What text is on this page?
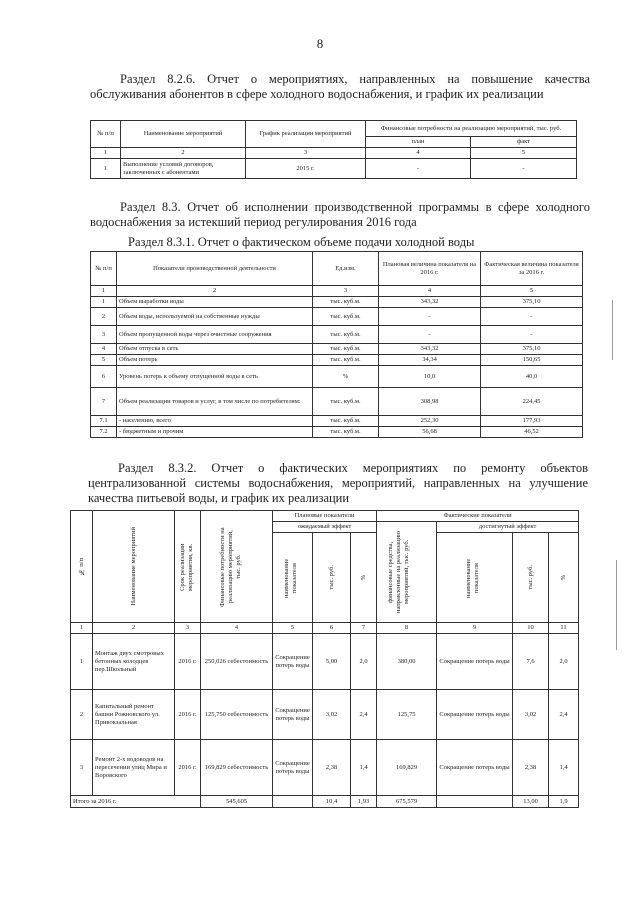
8

Раздел 8.2.6. Отчет о мероприятиях, направленных на повышение качества обслуживания абонентов в сфере холодного водоснабжения, и график их реализации

№ п/п	Наименование мероприятий	График реализации мероприятий	Финансовые потребности на реализацию мероприятий, тыс. руб.	
			план	факт
1	2	3	4	5
1	Выполнение условий договоров, заключенных с абонентами	2015 г.	-	-

Раздел 8.3. Отчет об исполнении производственной программы в сфере холодного водоснабжения за истекший период регулирования 2016 года

Раздел 8.3.1. Отчет о фактическом объеме подачи холодной воды

№ п/п	Показатели производственной деятельности	Ед.изм.	Плановая величина показателя на 2016 г.	Фактическая величина показателя за 2016 г.
1	2	3	4	5
1	Объем выработки воды	тыс. куб.м.	343,32	375,10
2	Объем воды, используемой на собственные нужды	тыс. куб.м.	-	-
3	Объем пропущенной воды через очистные сооружения	тыс. куб.м.	-	-
4	Объем отпуска в сеть	тыс. куб.м.	343,32	375,10
5	Объем потерь	тыс. куб.м.	34,34	150,65
6	Уровень потерь к объему отпущенной воды в сеть	%	10,0	40,0
7	Объем реализации товаров и услуг, в том числе по потребителям:	тыс. куб.м.	308,98	224,45
7.1	- населению, всего	тыс. куб.м.	252,30	177,93
7.2	- бюджетным и прочим	тыс. куб.м.	56,68	46,52

Раздел 8.3.2. Отчет о фактических мероприятиях по ремонту объектов централизованной системы водоснабжения, мероприятий, направленных на улучшение качества питьевой воды, и график их реализации

№ п/п	Наименование мероприятий	Срок реализации мероприятия, кв.	Финансовые потребности на реализацию мероприятий, тыс. руб.	Плановые показатели			Фактические показатели			
				ожидаемый эффект			финансовые средства, направленные на реализацию мероприятий, тыс. руб.	достигнутый эффект		

				наименование показателя	тыс. руб.	%		наименование показателя	тыс. руб.	%

1	2	3	4	5	6	7	8	9	10	11
1	Монтаж двух смотровых бетонных колодцев пер.Школьный	2016 г.	250,026 себестоимость	Сокращение потерь воды	5,00	2,0	380,00	Сокращение потерь воды	7,6	2,0
2	Капитальный ремонт башни Рожновского ул. Привокзальная	2016 г.	125,750 себестоимость	Сокращение потерь воды	3,02	2,4	125,75	Сокращение потерь воды	3,02	2,4
3	Ремонт 2-х водоводов на пересечении улиц Мира и Воровского	2016 г.	169,829 себестоимость	Сокращение потерь воды	2,38	1,4	169,829	Сокращение потерь воды	2,38	1,4
Итого за 2016 г.			545,605		10,4	1,93	675,579		13,00	1,9
